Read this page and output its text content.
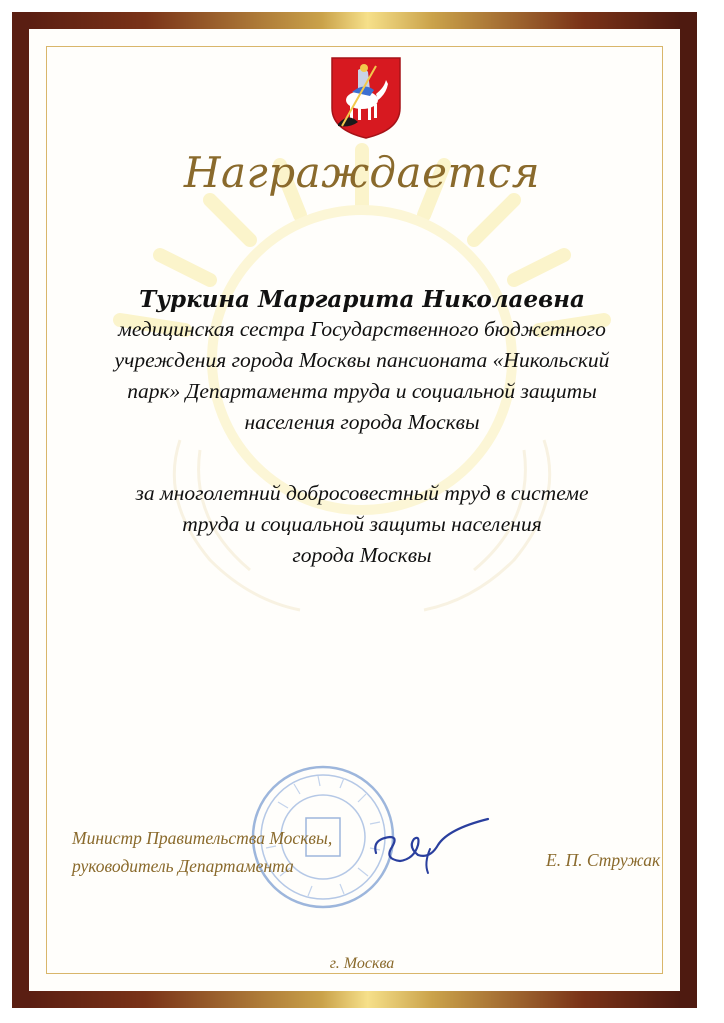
Награждается
Туркина Маргарита Николаевна
медицинская сестра Государственного бюджетного
учреждения города Москвы пансионата «Никольский
парк» Департамента труда и социальной защиты
населения города Москвы
за многолетний добросовестный труд в системе
труда и социальной защиты населения
города Москвы
Министр Правительства Москвы,
руководитель Департамента	Е. П. Стружак
г. Москва
